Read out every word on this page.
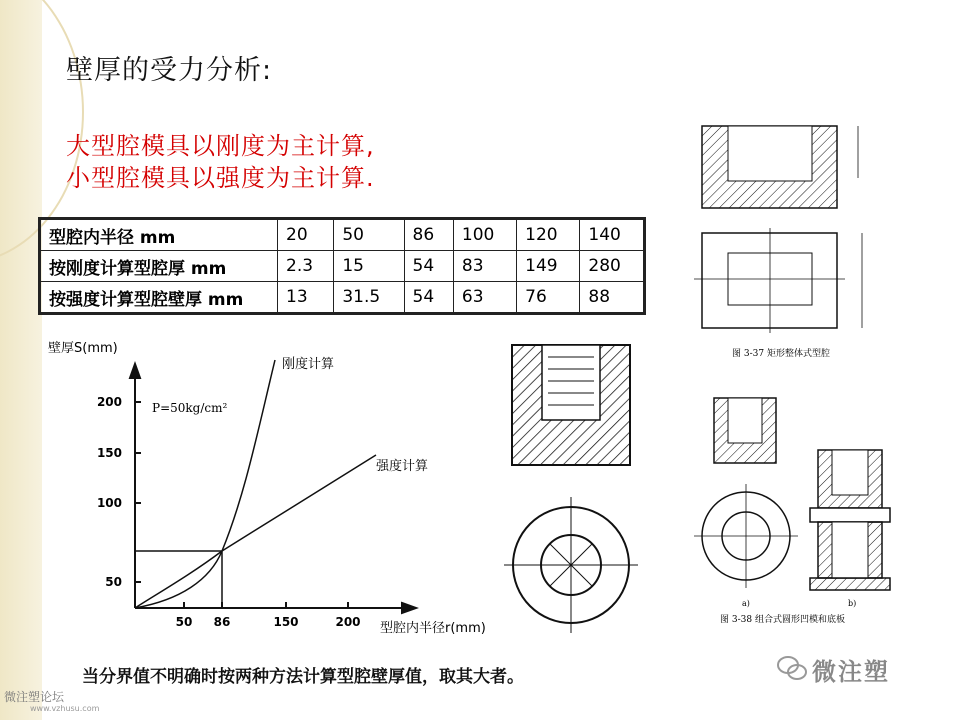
壁厚的受力分析:
大型腔模具以刚度为主计算,
小型腔模具以强度为主计算.
型腔内半径 mm	20	50	86	100	120	140
按刚度计算型腔厚 mm	2.3	15	54	83	149	280
按强度计算型腔壁厚 mm	13	31.5	54	63	76	88
壁厚S(mm)
型腔内半径r(mm)
P=50kg/cm²
刚度计算
强度计算
200
150
100
50
50 86	150	200
图 3-37 矩形整体式型腔
a)	b)
图 3-38 组合式圆形凹模和底板
当分界值不明确时按两种方法计算型腔壁厚值，取其大者。	微注塑
微注塑论坛
www.vzhusu.com
